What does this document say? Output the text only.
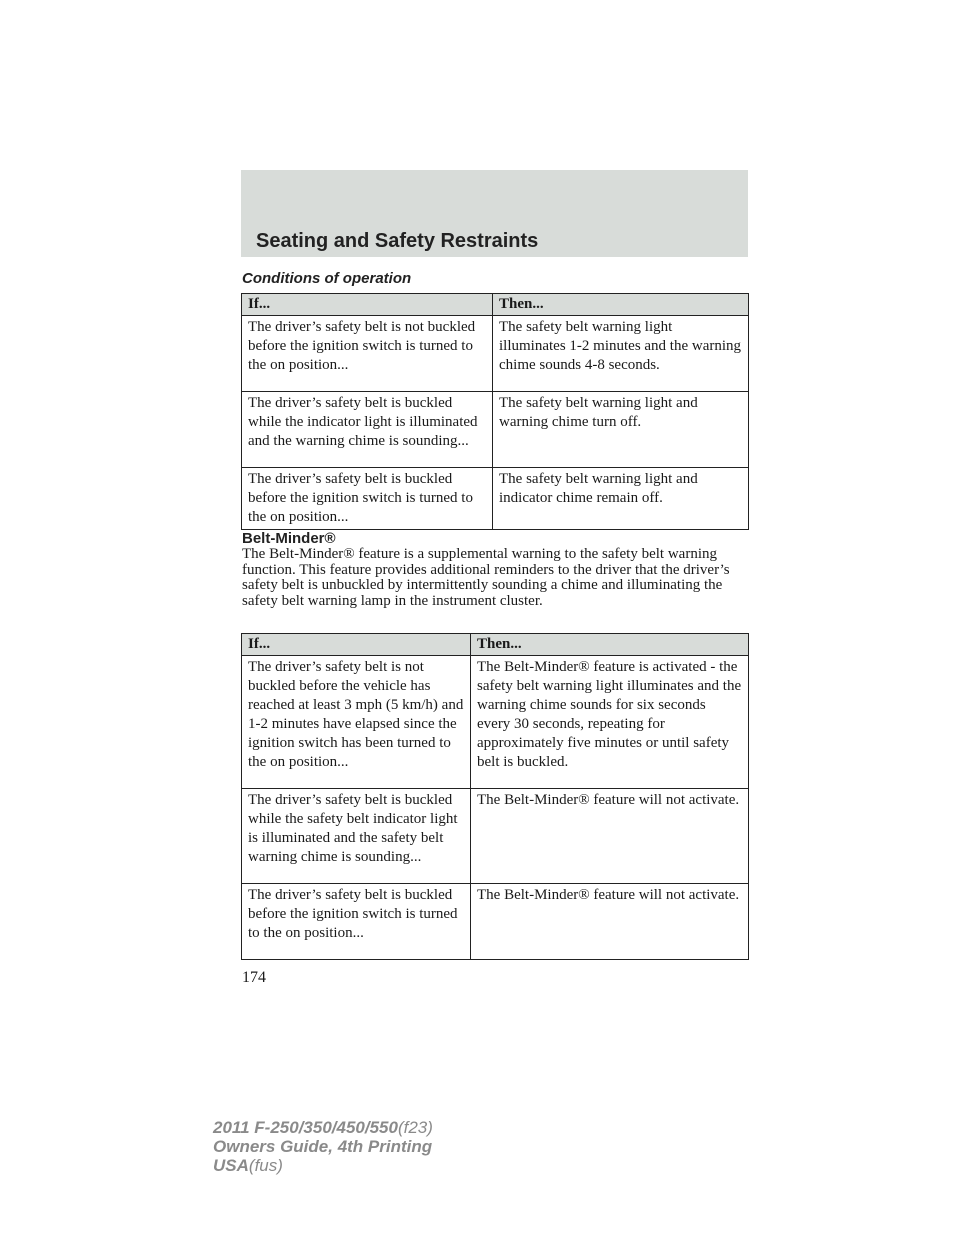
Seating and Safety Restraints
Conditions of operation
If...	Then...
The driver’s safety belt is not buckled before the ignition switch is turned to the on position...	The safety belt warning light illuminates 1-2 minutes and the warning chime sounds 4-8 seconds.
The driver’s safety belt is buckled while the indicator light is illuminated and the warning chime is sounding...	The safety belt warning light and warning chime turn off.
The driver’s safety belt is buckled before the ignition switch is turned to the on position...	The safety belt warning light and indicator chime remain off.
Belt-Minder®
The Belt-Minder® feature is a supplemental warning to the safety belt warning function. This feature provides additional reminders to the driver that the driver’s safety belt is unbuckled by intermittently sounding a chime and illuminating the safety belt warning lamp in the instrument cluster.
If...	Then...
The driver’s safety belt is not buckled before the vehicle has reached at least 3 mph (5 km/h) and 1-2 minutes have elapsed since the ignition switch has been turned to the on position...	The Belt-Minder® feature is activated - the safety belt warning light illuminates and the warning chime sounds for six seconds every 30 seconds, repeating for approximately five minutes or until safety belt is buckled.
The driver’s safety belt is buckled while the safety belt indicator light is illuminated and the safety belt warning chime is sounding...	The Belt-Minder® feature will not activate.
The driver’s safety belt is buckled before the ignition switch is turned to the on position...	The Belt-Minder® feature will not activate.
174
2011 F-250/350/450/550(f23)
Owners Guide, 4th Printing
USA(fus)
